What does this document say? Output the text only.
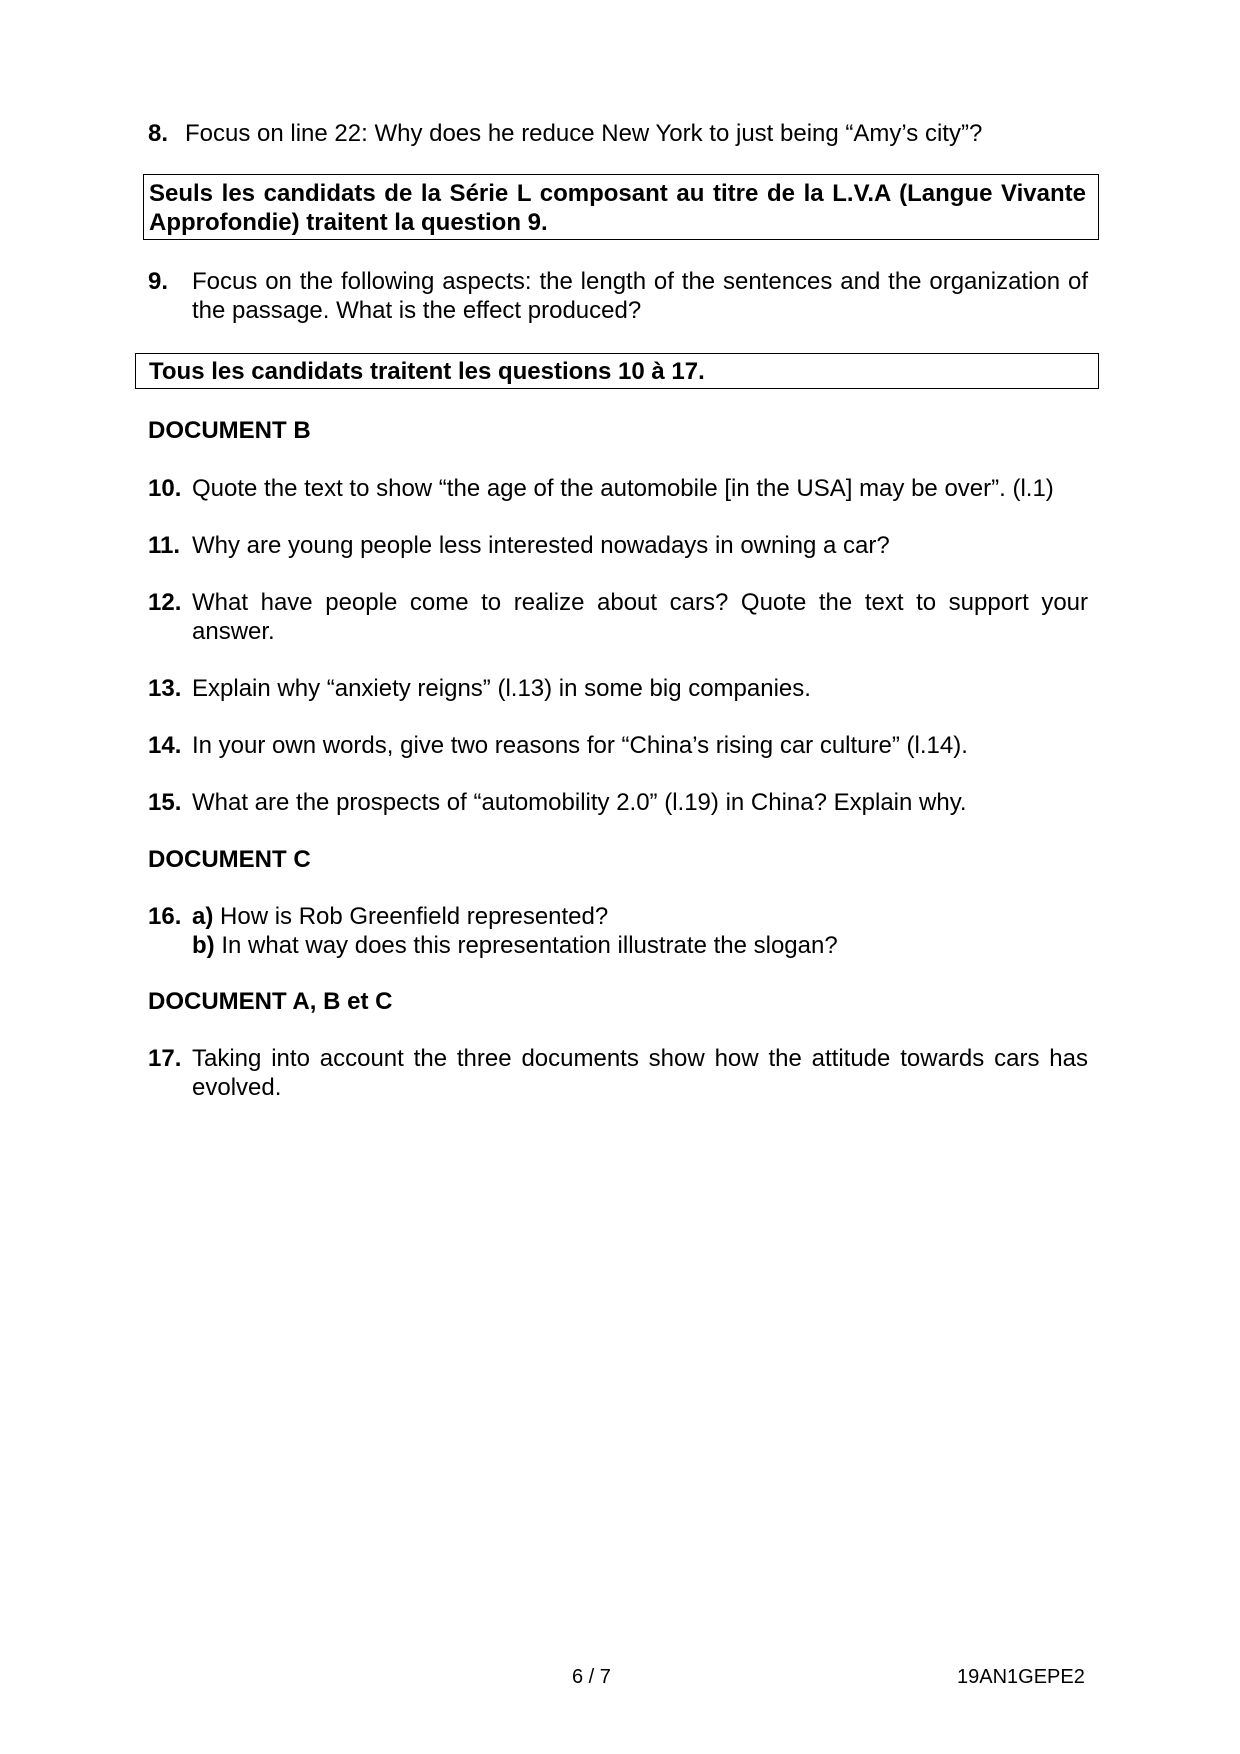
8. Focus on line 22: Why does he reduce New York to just being “Amy’s city”?
Seuls les candidats de la Série L composant au titre de la L.V.A (Langue Vivante Approfondie) traitent la question 9.
9. Focus on the following aspects: the length of the sentences and the organization of the passage. What is the effect produced?
Tous les candidats traitent les questions 10 à 17.
DOCUMENT B
10. Quote the text to show “the age of the automobile [in the USA] may be over”. (l.1)
11. Why are young people less interested nowadays in owning a car?
12. What have people come to realize about cars? Quote the text to support your answer.
13. Explain why “anxiety reigns” (l.13) in some big companies.
14. In your own words, give two reasons for “China’s rising car culture” (l.14).
15. What are the prospects of “automobility 2.0” (l.19) in China? Explain why.
DOCUMENT C
16. a) How is Rob Greenfield represented?
b) In what way does this representation illustrate the slogan?
DOCUMENT A, B et C
17. Taking into account the three documents show how the attitude towards cars has evolved.
6 / 7	19AN1GEPE2
